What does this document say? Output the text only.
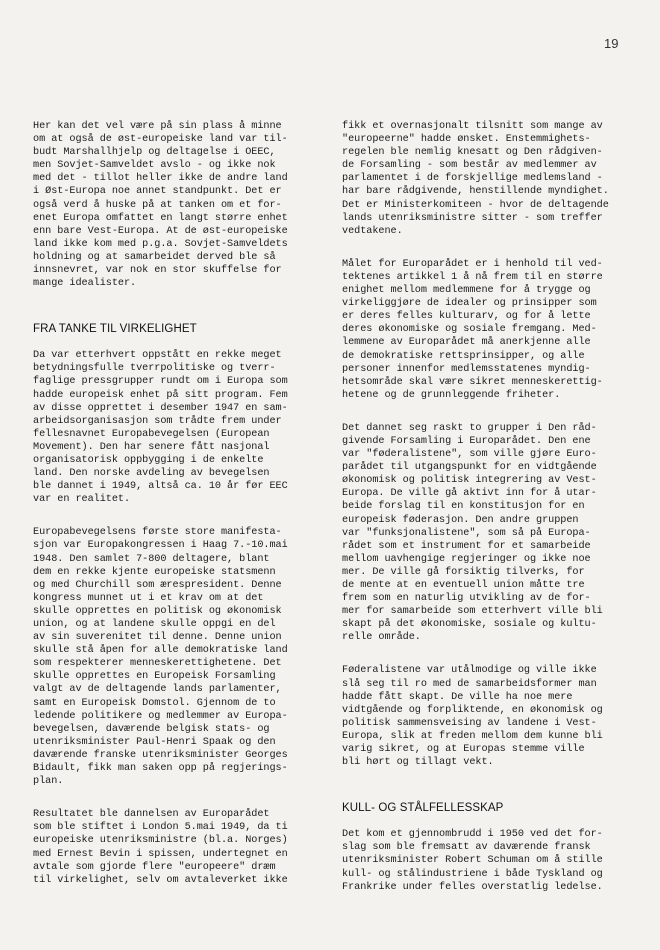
19

Her kan det vel være på sin plass å minne
om at også de øst-europeiske land var til-
budt Marshallhjelp og deltagelse i OEEC,
men Sovjet-Samveldet avslo - og ikke nok
med det - tillot heller ikke de andre land
i Øst-Europa noe annet standpunkt. Det er
også verd å huske på at tanken om et for-
enet Europa omfattet en langt større enhet
enn bare Vest-Europa. At de øst-europeiske
land ikke kom med p.g.a. Sovjet-Samveldets
holdning og at samarbeidet derved ble så
innsnevret, var nok en stor skuffelse for
mange idealister.

FRA TANKE TIL VIRKELIGHET

Da var etterhvert oppstått en rekke meget
betydningsfulle tverrpolitiske og tverr-
faglige pressgrupper rundt om i Europa som
hadde europeisk enhet på sitt program. Fem
av disse opprettet i desember 1947 en sam-
arbeidsorganisasjon som trådte frem under
fellesnavnet Europabevegelsen (European
Movement). Den har senere fått nasjonal
organisatorisk oppbygging i de enkelte
land. Den norske avdeling av bevegelsen
ble dannet i 1949, altså ca. 10 år før EEC
var en realitet.

Europabevegelsens første store manifesta-
sjon var Europakongressen i Haag 7.-10.mai
1948. Den samlet 7-800 deltagere, blant
dem en rekke kjente europeiske statsmenn
og med Churchill som ærespresident. Denne
kongress munnet ut i et krav om at det
skulle opprettes en politisk og økonomisk
union, og at landene skulle oppgi en del
av sin suverenitet til denne. Denne union
skulle stå åpen for alle demokratiske land
som respekterer menneskerettighetene. Det
skulle opprettes en Europeisk Forsamling
valgt av de deltagende lands parlamenter,
samt en Europeisk Domstol. Gjennom de to
ledende politikere og medlemmer av Europa-
bevegelsen, daværende belgisk stats- og
utenriksminister Paul-Henri Spaak og den
daværende franske utenriksminister Georges
Bidault, fikk man saken opp på regjerings-
plan.

Resultatet ble dannelsen av Europarådet
som ble stiftet i London 5.mai 1949, da ti
europeiske utenriksministre (bl.a. Norges)
med Ernest Bevin i spissen, undertegnet en
avtale som gjorde flere "europeere" dræm
til virkelighet, selv om avtaleverket ikke

fikk et overnasjonalt tilsnitt som mange av
"europeerne" hadde ønsket. Enstemmighets-
regelen ble nemlig knesatt og Den rådgiven-
de Forsamling - som består av medlemmer av
parlamentet i de forskjellige medlemsland -
har bare rådgivende, henstillende myndighet.
Det er Ministerkomiteen - hvor de deltagende
lands utenriksministre sitter - som treffer
vedtakene.

Målet for Europarådet er i henhold til ved-
tektenes artikkel 1 å nå frem til en større
enighet mellom medlemmene for å trygge og
virkeliggjøre de idealer og prinsipper som
er deres felles kulturarv, og for å lette
deres økonomiske og sosiale fremgang. Med-
lemmene av Europarådet må anerkjenne alle
de demokratiske rettsprinsipper, og alle
personer innenfor medlemsstatenes myndig-
hetsområde skal være sikret menneskerettig-
hetene og de grunnleggende friheter.

Det dannet seg raskt to grupper i Den råd-
givende Forsamling i Europarådet. Den ene
var "føderalistene", som ville gjøre Euro-
parådet til utgangspunkt for en vidtgående
økonomisk og politisk integrering av Vest-
Europa. De ville gå aktivt inn for å utar-
beide forslag til en konstitusjon for en
europeisk føderasjon. Den andre gruppen
var "funksjonalistene", som så på Europa-
rådet som et instrument for et samarbeide
mellom uavhengige regjeringer og ikke noe
mer. De ville gå forsiktig tilverks, for
de mente at en eventuell union måtte tre
frem som en naturlig utvikling av de for-
mer for samarbeide som etterhvert ville bli
skapt på det økonomiske, sosiale og kultu-
relle område.

Føderalistene var utålmodige og ville ikke
slå seg til ro med de samarbeidsformer man
hadde fått skapt. De ville ha noe mere
vidtgående og forpliktende, en økonomisk og
politisk sammensveising av landene i Vest-
Europa, slik at freden mellom dem kunne bli
varig sikret, og at Europas stemme ville
bli hørt og tillagt vekt.

KULL- OG STÅLFELLESSKAP

Det kom et gjennombrudd i 1950 ved det for-
slag som ble fremsatt av daværende fransk
utenriksminister Robert Schuman om å stille
kull- og stålindustriene i både Tyskland og
Frankrike under felles overstatlig ledelse.
